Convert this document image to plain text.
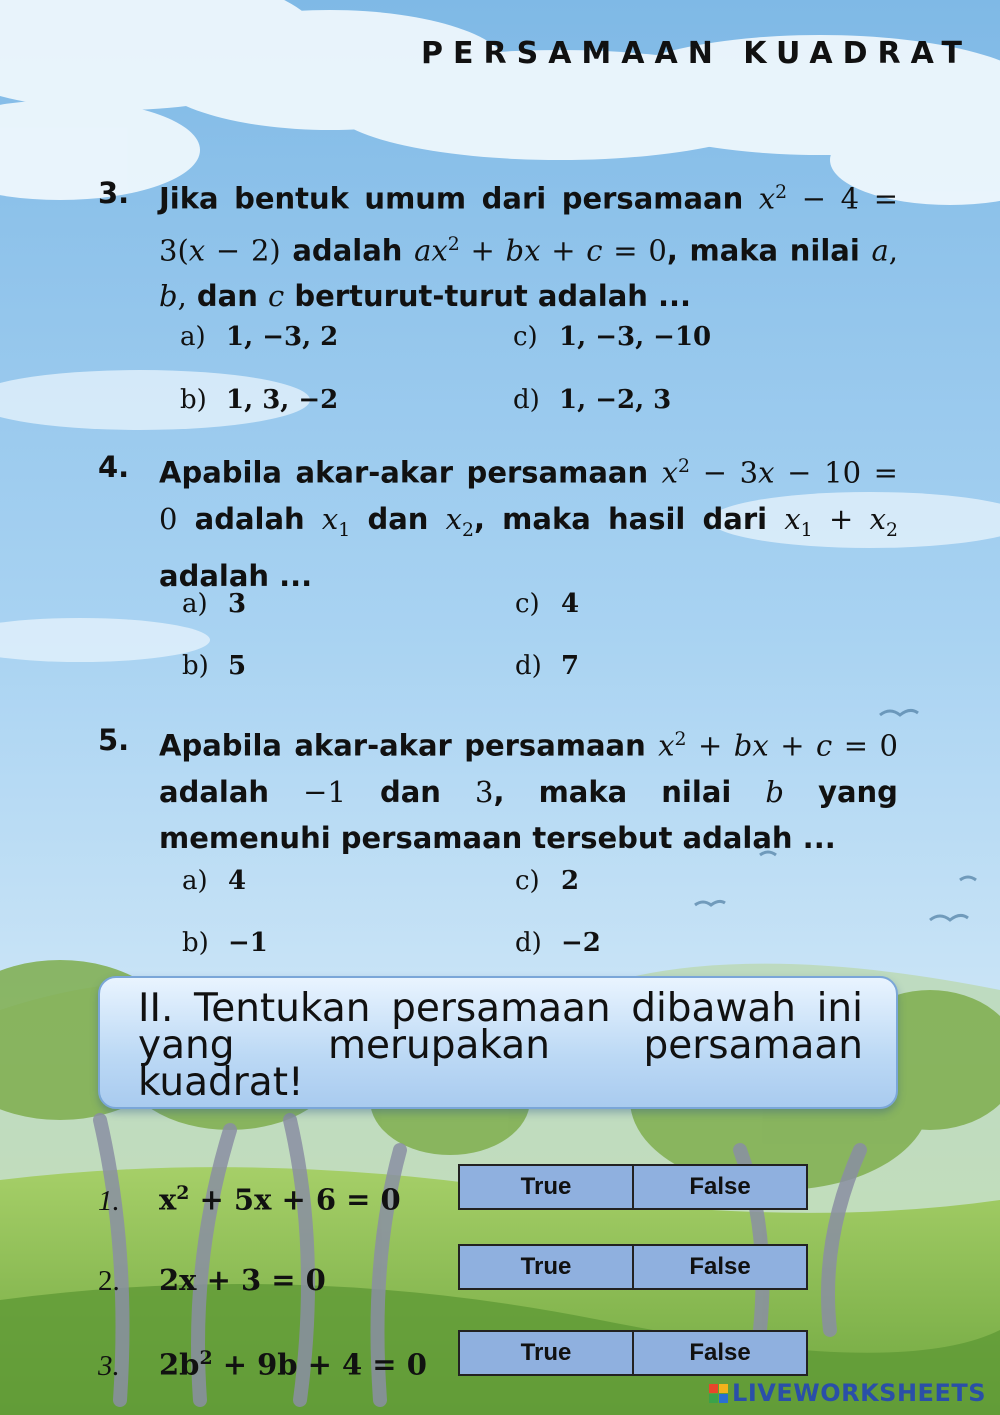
PERSAMAAN KUADRAT
3. Jika bentuk umum dari persamaan $x^2 - 4 = 3(x - 2)$ adalah $ax^2$ + bx + c = 0, maka nilai a, b, dan c berturut-turut adalah ...
a) 1, −3, 2	c) 1, −3, −10
b) 1, 3, −2	d) 1, −2, 3
4. Apabila akar-akar persamaan $x^2 - 3x - 10 = 0$ adalah $x_1$ dan $x_2$, maka hasil dari $x_1 + x_2$ adalah ...
a) 3	c) 4
b) 5	d) 7
5. Apabila akar-akar persamaan $x^2$ + bx + c = 0 adalah −1 dan 3, maka nilai b yang memenuhi persamaan tersebut adalah ...
a) 4	c) 2
b) −1	d) −2
II. Tentukan persamaan dibawah ini yang merupakan persamaan kuadrat!
1. $x^2 + 5x + 6 = 0$	True	False
2. 2x + 3 = 0	True	False
3. $2b^2 + 9b + 4 = 0$	True	False
LIVEWORKSHEETS
